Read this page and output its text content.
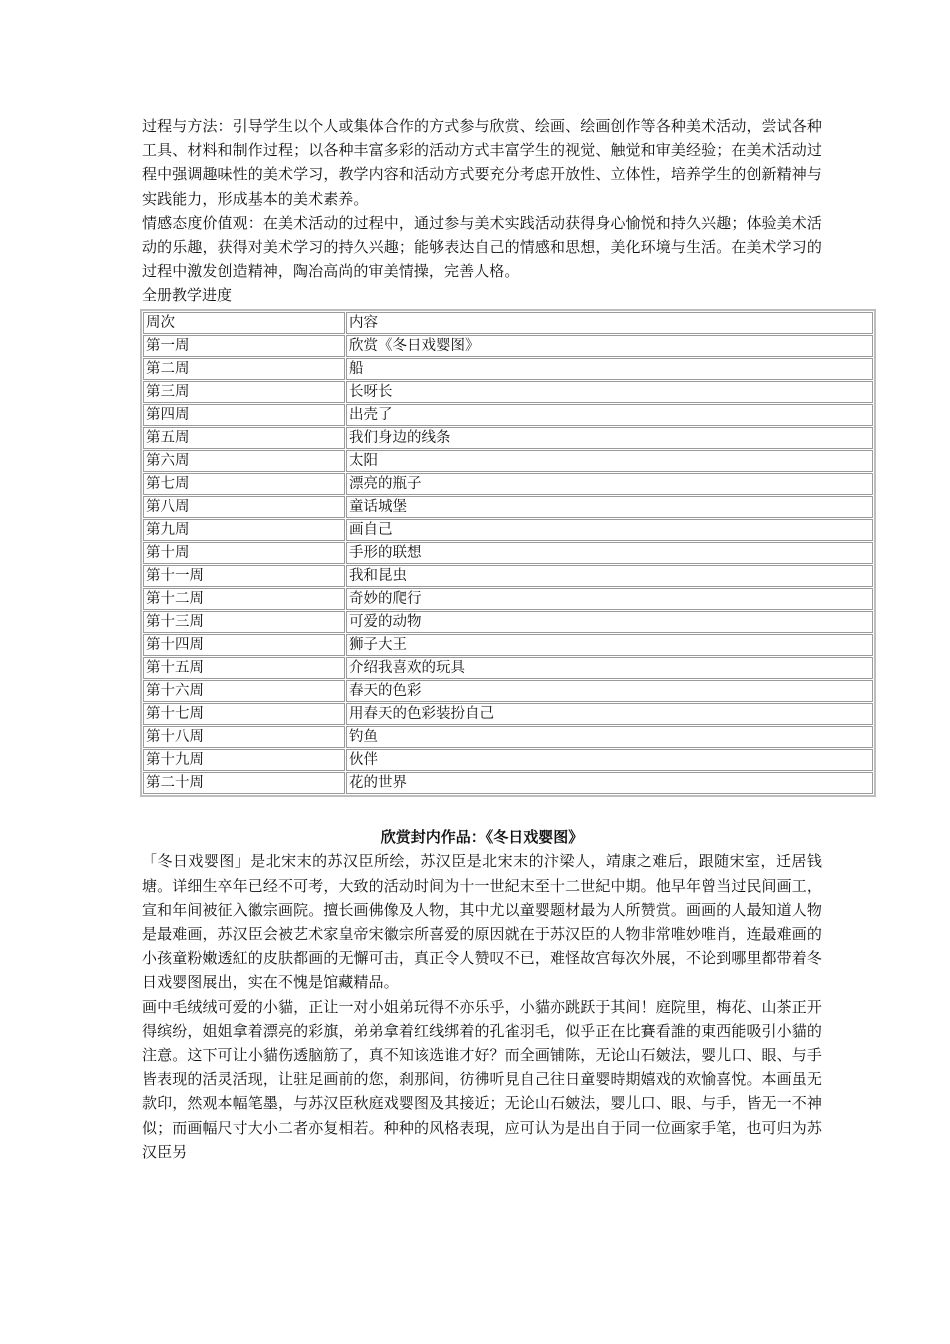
过程与方法：引导学生以个人或集体合作的方式参与欣赏、绘画、绘画创作等各种美术活动，尝试各种工具、材料和制作过程；以各种丰富多彩的活动方式丰富学生的视觉、触觉和审美经验；在美术活动过程中强调趣味性的美术学习，教学内容和活动方式要充分考虑开放性、立体性，培养学生的创新精神与实践能力，形成基本的美术素养。

情感态度价值观：在美术活动的过程中，通过参与美术实践活动获得身心愉悦和持久兴趣；体验美术活动的乐趣，获得对美术学习的持久兴趣；能够表达自己的情感和思想，美化环境与生活。在美术学习的过程中激发创造精神，陶冶高尚的审美情操，完善人格。

全册教学进度

周次	内容
第一周	欣赏《冬日戏婴图》
第二周	船
第三周	长呀长
第四周	出壳了
第五周	我们身边的线条
第六周	太阳
第七周	漂亮的瓶子
第八周	童话城堡
第九周	画自己
第十周	手形的联想
第十一周	我和昆虫
第十二周	奇妙的爬行
第十三周	可爱的动物
第十四周	狮子大王
第十五周	介绍我喜欢的玩具
第十六周	春天的色彩
第十七周	用春天的色彩装扮自己
第十八周	钓鱼
第十九周	伙伴
第二十周	花的世界

欣赏封内作品：《冬日戏婴图》

「冬日戏婴图」是北宋末的苏汉臣所绘，苏汉臣是北宋末的汴梁人，靖康之难后，跟随宋室，迁居钱塘。详细生卒年已经不可考，大致的活动时间为十一世紀末至十二世紀中期。他早年曾当过民间画工，宣和年间被征入徽宗画院。擅长画佛像及人物，其中尤以童婴题材最为人所赞赏。画画的人最知道人物是最难画，苏汉臣会被艺术家皇帝宋徽宗所喜爱的原因就在于苏汉臣的人物非常唯妙唯肖，连最难画的小孩童粉嫩透紅的皮肤都画的无懈可击，真正令人赞叹不已，难怪故宫每次外展，不论到哪里都带着冬日戏婴图展出，实在不愧是馆藏精品。

画中毛绒绒可爱的小貓，正让一对小姐弟玩得不亦乐乎，小貓亦跳跃于其间！庭院里，梅花、山茶正开得缤纷，姐姐拿着漂亮的彩旗，弟弟拿着红线绑着的孔雀羽毛，似乎正在比賽看誰的東西能吸引小貓的注意。这下可让小貓伤透脑筋了，真不知该选谁才好？而全画铺陈，无论山石皴法，婴儿口、眼、与手皆表现的活灵活现，让驻足画前的您，刹那间，彷彿听見自己往日童婴時期嬉戏的欢愉喜悅。本画虽无款印，然观本幅笔墨，与苏汉臣秋庭戏婴图及其接近；无论山石皴法，婴儿口、眼、与手，皆无一不神似；而画幅尺寸大小二者亦复相若。种种的风格表現，应可认为是出自于同一位画家手笔，也可归为苏汉臣另
